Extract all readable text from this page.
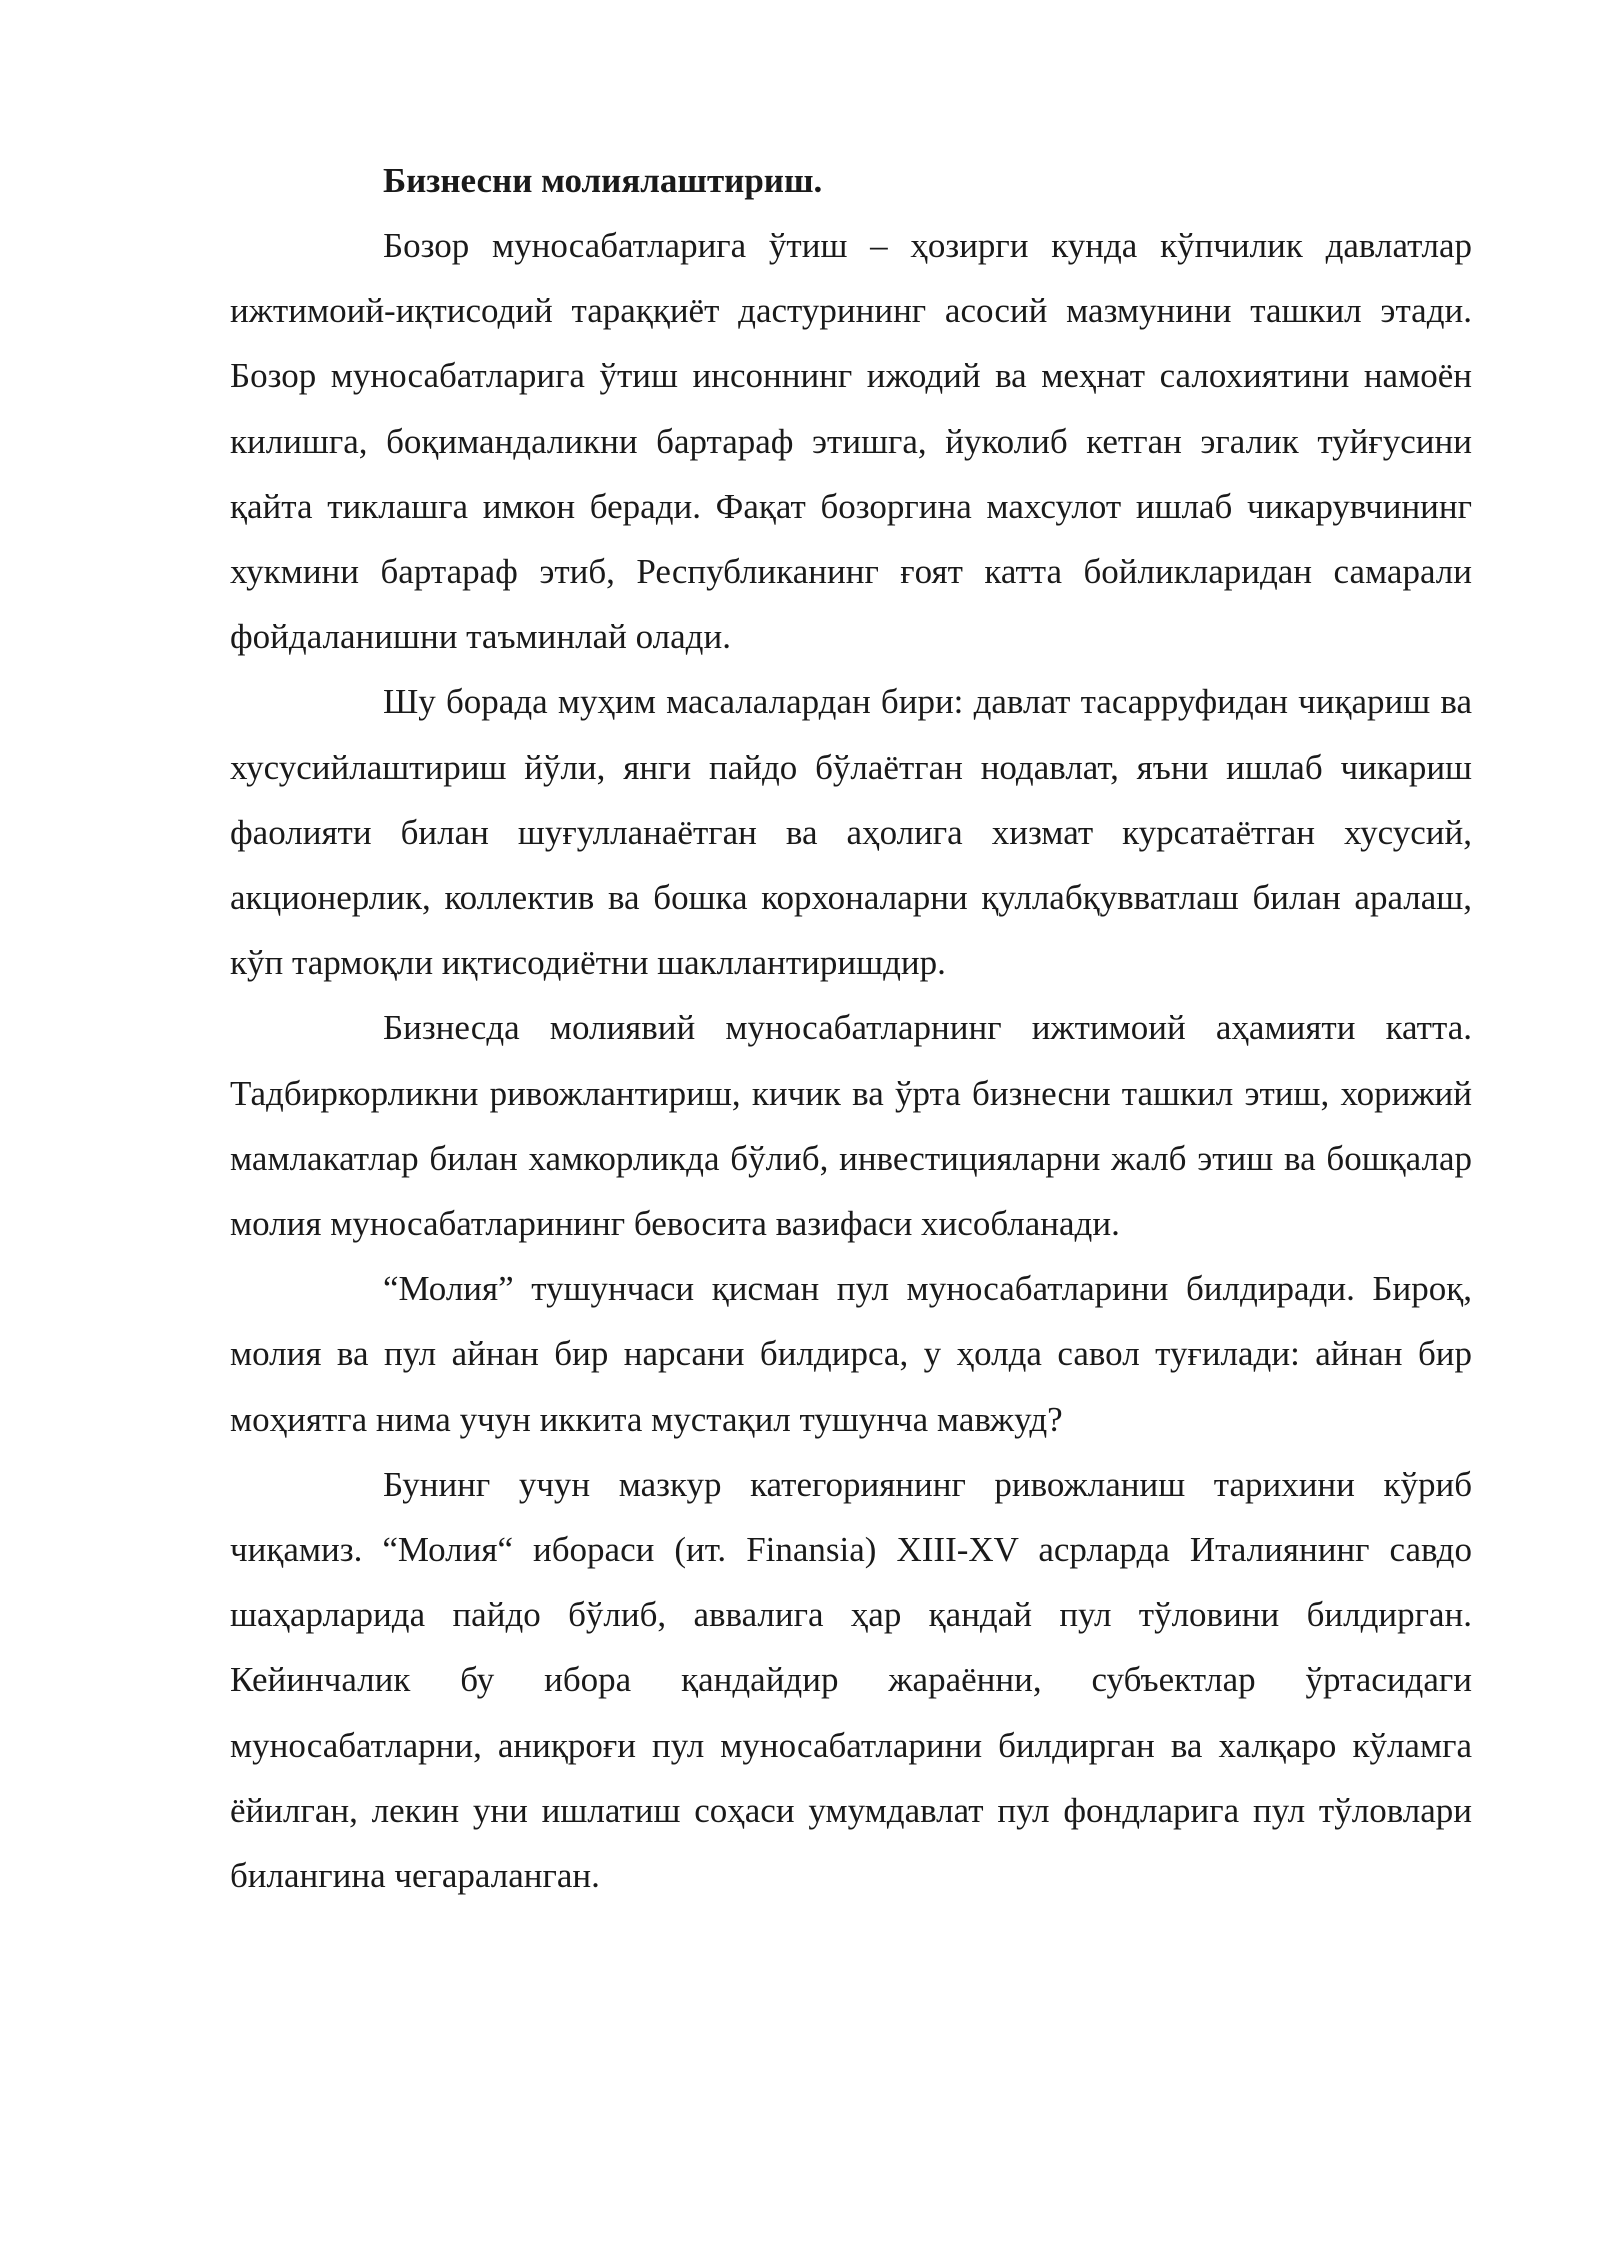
Бизнесни молиялаштириш.

Бозор муносабатларига ўтиш – ҳозирги кунда кўпчилик давлатлар ижтимоий-иқтисодий тараққиёт дастурининг асосий мазмунини ташкил этади. Бозор муносабатларига ўтиш инсоннинг ижодий ва меҳнат салохиятини намоён килишга, боқимандаликни бартараф этишга, йуколиб кетган эгалик туйғусини қайта тиклашга имкон беради. Фақат бозоргина махсулот ишлаб чикарувчининг хукмини бартараф этиб, Республиканинг ғоят катта бойликларидан самарали фойдаланишни таъминлай олади.

Шу борада муҳим масалалардан бири: давлат тасарруфидан чиқариш ва хусусийлаштириш йўли, янги пайдо бўлаётган нодавлат, яъни ишлаб чикариш фаолияти билан шуғулланаётган ва аҳолига хизмат курсатаётган хусусий, акционерлик, коллектив ва бошка корхоналарни қуллабқувватлаш билан аралаш, кўп тармоқли иқтисодиётни шакллантиришдир.

Бизнесда молиявий муносабатларнинг ижтимоий аҳамияти катта. Тадбиркорликни ривожлантириш, кичик ва ўрта бизнесни ташкил этиш, хорижий мамлакатлар билан хамкорликда бўлиб, инвестицияларни жалб этиш ва бошқалар молия муносабатларининг бевосита вазифаси хисобланади.

“Молия” тушунчаси қисман пул муносабатларини билдиради. Бироқ, молия ва пул айнан бир нарсани билдирса, у ҳолда савол туғилади: айнан бир моҳиятга нима учун иккита мустақил тушунча мавжуд?

Бунинг учун мазкур категориянинг ривожланиш тарихини кўриб чиқамиз. “Молия“ ибораси (ит. Finansia) XIII-XV асрларда Италиянинг савдо шаҳарларида пайдо бўлиб, аввалига ҳар қандай пул тўловини билдирган. Кейинчалик бу ибора қандайдир жараённи, субъектлар ўртасидаги муносабатларни, аниқроғи пул муносабатларини билдирган ва халқаро кўламга ёйилган, лекин уни ишлатиш соҳаси умумдавлат пул фондларига пул тўловлари билангина чегараланган.
